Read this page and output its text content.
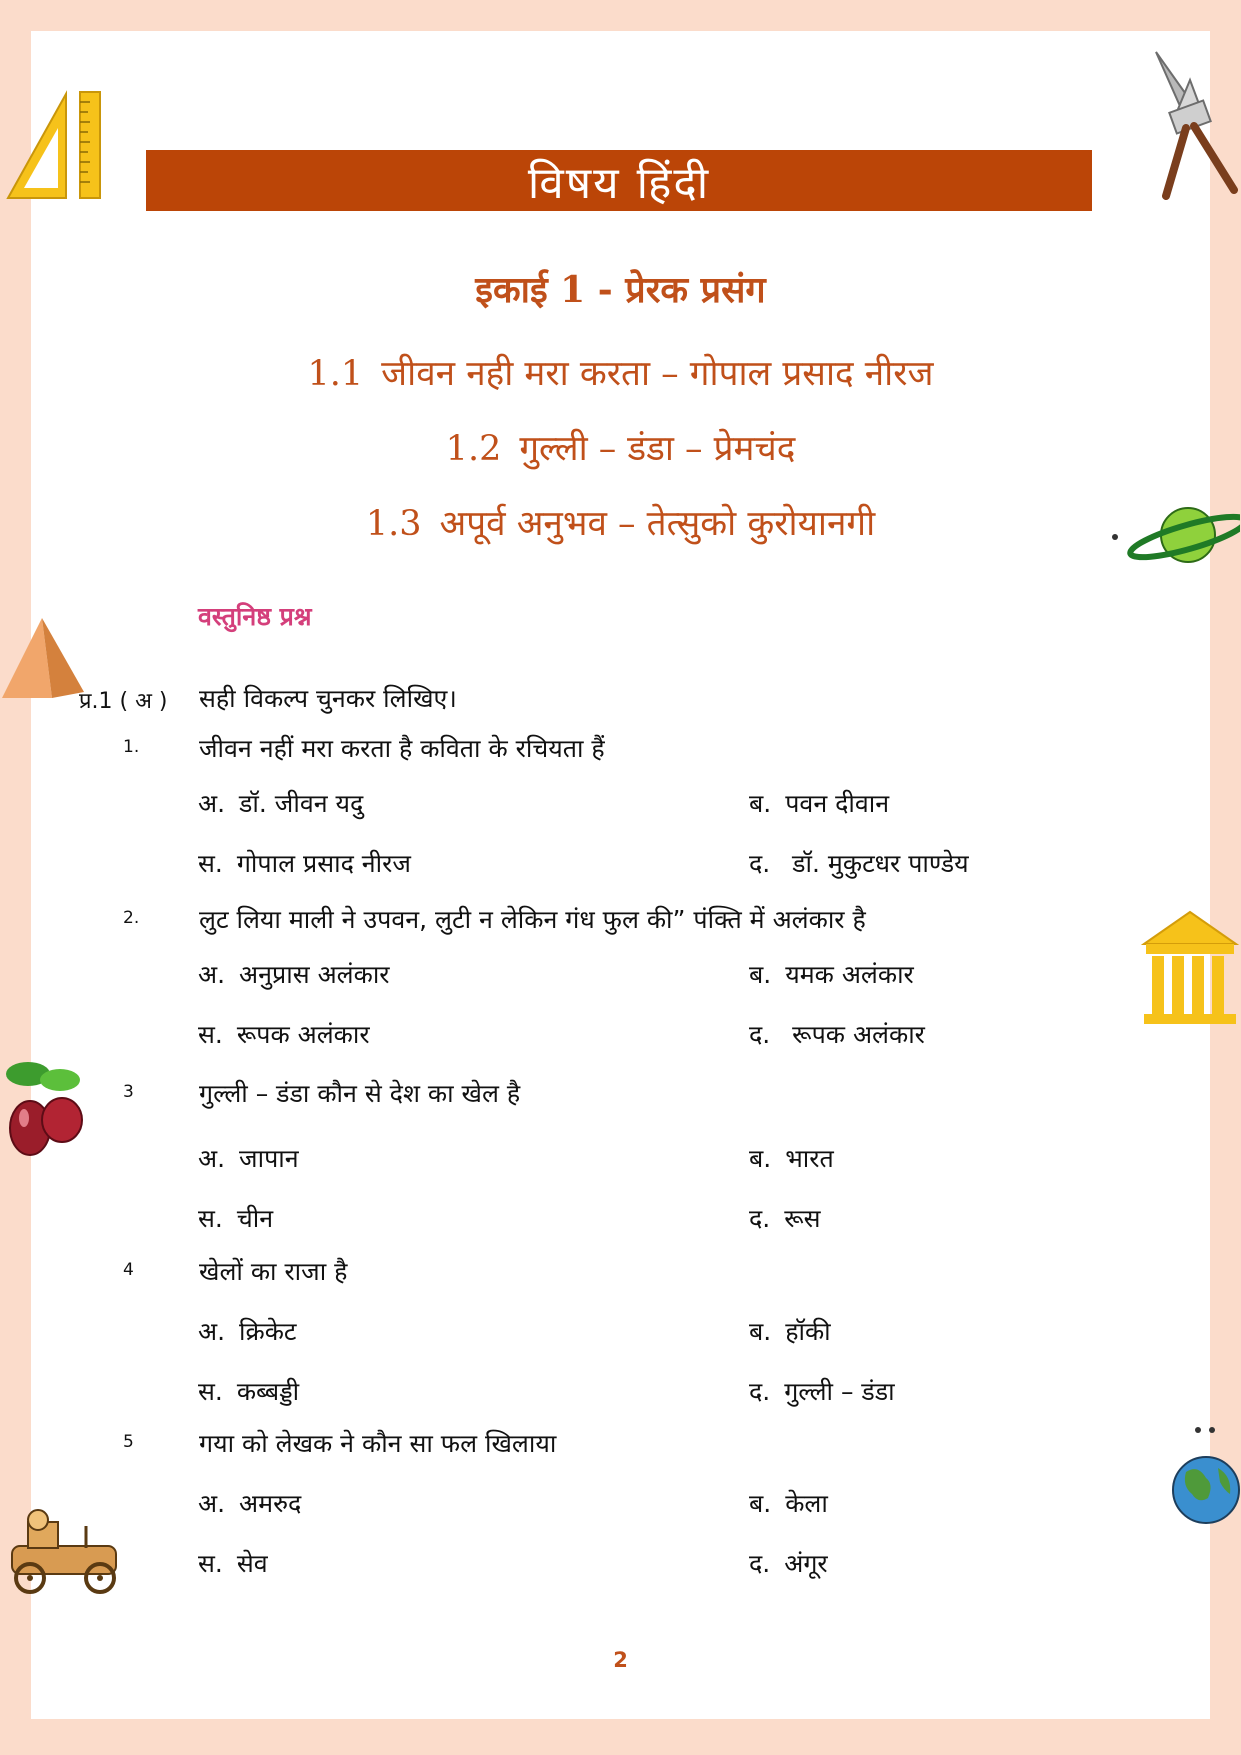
विषय हिंदी
इकाई 1 - प्रेरक प्रसंग
1.1 जीवन नही मरा करता – गोपाल प्रसाद नीरज
1.2 गुल्ली – डंडा – प्रेमचंद
1.3 अपूर्व अनुभव – तेत्सुको कुरोयानगी
वस्तुनिष्ठ प्रश्न
प्र.1 ( अ ) सही विकल्प चुनकर लिखिए।
1. जीवन नहीं मरा करता है कविता के रचियता हैं
अ. डॉ. जीवन यदु	ब. पवन दीवान
स. गोपाल प्रसाद नीरज	द. डॉ. मुकुटधर पाण्डेय
2. लुट लिया माली ने उपवन, लुटी न लेकिन गंध फुल की” पंक्ति में अलंकार है
अ. अनुप्रास अलंकार	ब. यमक अलंकार
स. रूपक अलंकार	द. रूपक अलंकार
3	गुल्ली – डंडा कौन से देश का खेल है
अ. जापान	ब. भारत
स. चीन	द. रूस
4	खेलों का राजा है
अ. क्रिकेट	ब. हॉकी
स. कब्बड्डी	द. गुल्ली – डंडा
5	गया को लेखक ने कौन सा फल खिलाया
अ. अमरुद	ब. केला
स. सेव	द. अंगूर
2
